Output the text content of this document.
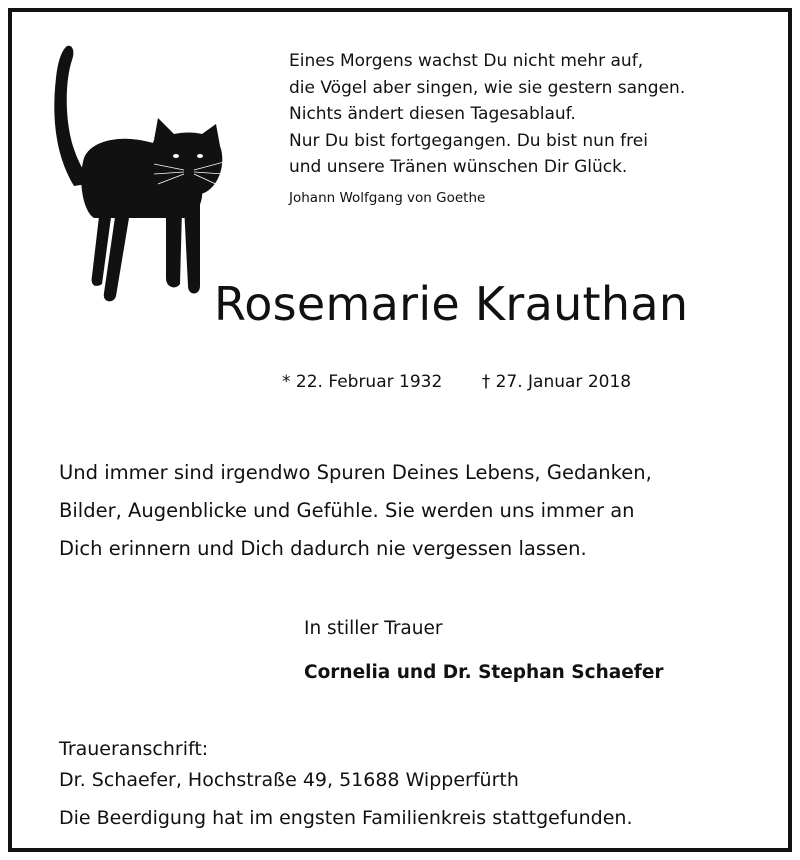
Eines Morgens wachst Du nicht mehr auf,
die Vögel aber singen, wie sie gestern sangen.
Nichts ändert diesen Tagesablauf.
Nur Du bist fortgegangen. Du bist nun frei
und unsere Tränen wünschen Dir Glück.
Johann Wolfgang von Goethe
Rosemarie Krauthan
* 22. Februar 1932 † 27. Januar 2018
Und immer sind irgendwo Spuren Deines Lebens, Gedanken,
Bilder, Augenblicke und Gefühle. Sie werden uns immer an
Dich erinnern und Dich dadurch nie vergessen lassen.
In stiller Trauer
Cornelia und Dr. Stephan Schaefer
Traueranschrift:
Dr. Schaefer, Hochstraße 49, 51688 Wipperfürth
Die Beerdigung hat im engsten Familienkreis stattgefunden.
